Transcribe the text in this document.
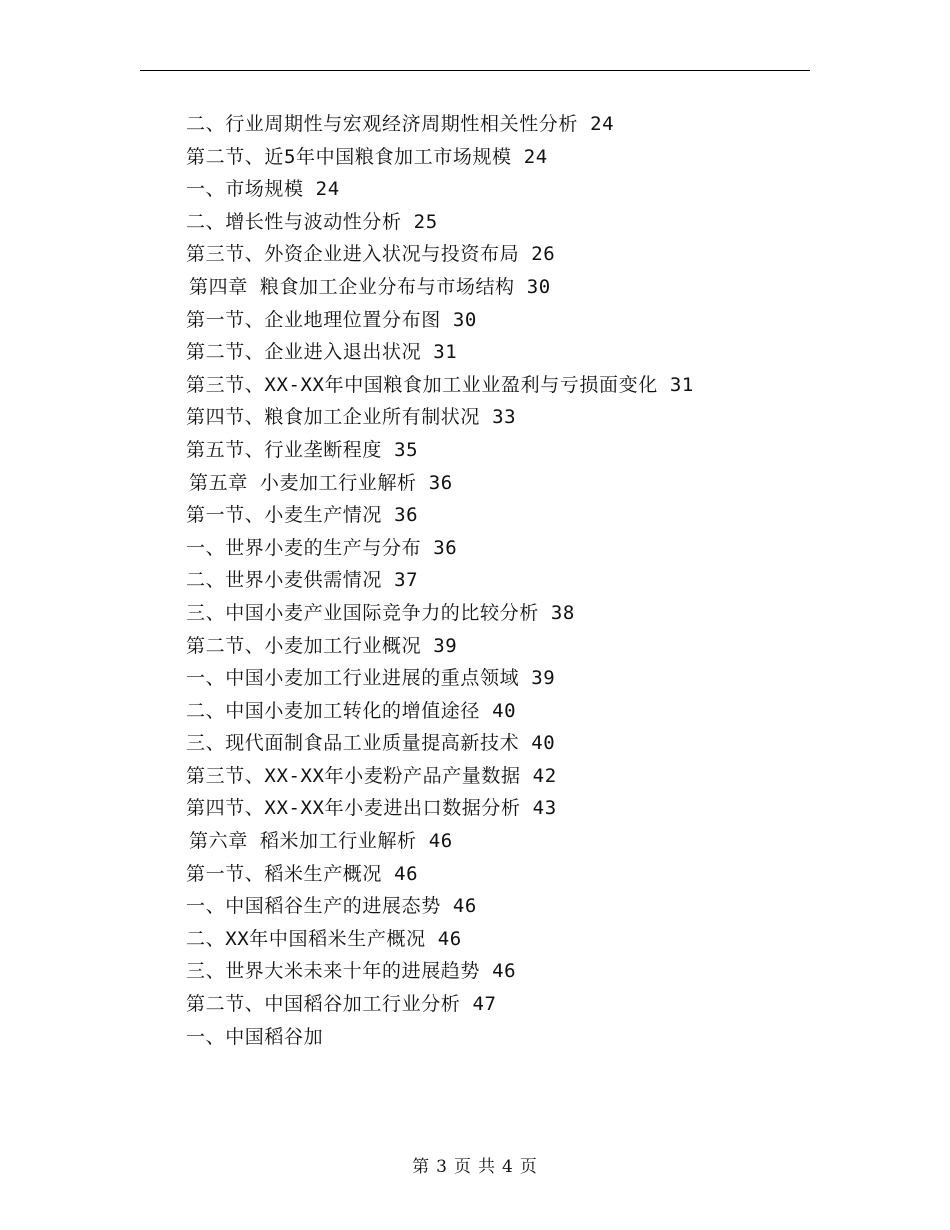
二、行业周期性与宏观经济周期性相关性分析 24
第二节、近5年中国粮食加工市场规模 24
一、市场规模 24
二、增长性与波动性分析 25
第三节、外资企业进入状况与投资布局 26
第四章 粮食加工企业分布与市场结构 30
第一节、企业地理位置分布图 30
第二节、企业进入退出状况 31
第三节、XX-XX年中国粮食加工业业盈利与亏损面变化 31
第四节、粮食加工企业所有制状况 33
第五节、行业垄断程度 35
第五章 小麦加工行业解析 36
第一节、小麦生产情况 36
一、世界小麦的生产与分布 36
二、世界小麦供需情况 37
三、中国小麦产业国际竞争力的比较分析 38
第二节、小麦加工行业概况 39
一、中国小麦加工行业进展的重点领域 39
二、中国小麦加工转化的增值途径 40
三、现代面制食品工业质量提高新技术 40
第三节、XX-XX年小麦粉产品产量数据 42
第四节、XX-XX年小麦进出口数据分析 43
第六章 稻米加工行业解析 46
第一节、稻米生产概况 46
一、中国稻谷生产的进展态势 46
二、XX年中国稻米生产概况 46
三、世界大米未来十年的进展趋势 46
第二节、中国稻谷加工行业分析 47
一、中国稻谷加
第 3 页 共 4 页
